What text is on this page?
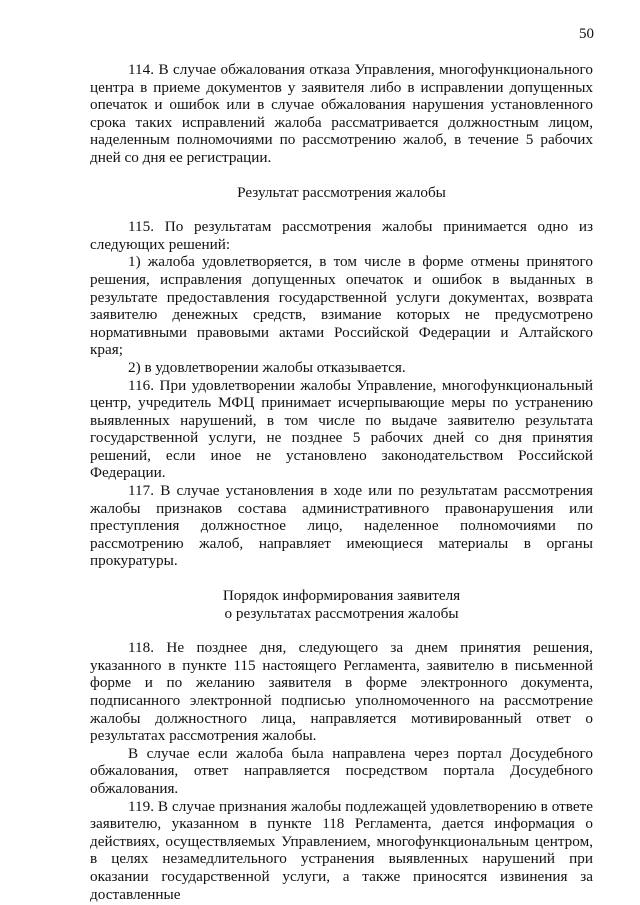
50

114. В случае обжалования отказа Управления, многофункционального центра в приеме документов у заявителя либо в исправлении допущенных опечаток и ошибок или в случае обжалования нарушения установленного срока таких исправлений жалоба рассматривается должностным лицом, наделенным полномочиями по рассмотрению жалоб, в течение 5 рабочих дней со дня ее регистрации.

Результат рассмотрения жалобы

115. По результатам рассмотрения жалобы принимается одно из следующих решений:

1) жалоба удовлетворяется, в том числе в форме отмены принятого решения, исправления допущенных опечаток и ошибок в выданных в результате предоставления государственной услуги документах, возврата заявителю денежных средств, взимание которых не предусмотрено нормативными правовыми актами Российской Федерации и Алтайского края;

2) в удовлетворении жалобы отказывается.

116. При удовлетворении жалобы Управление, многофункциональный центр, учредитель МФЦ принимает исчерпывающие меры по устранению выявленных нарушений, в том числе по выдаче заявителю результата государственной услуги, не позднее 5 рабочих дней со дня принятия решений, если иное не установлено законодательством Российской Федерации.

117. В случае установления в ходе или по результатам рассмотрения жалобы признаков состава административного правонарушения или преступления должностное лицо, наделенное полномочиями по рассмотрению жалоб, направляет имеющиеся материалы в органы прокуратуры.

Порядок информирования заявителя
о результатах рассмотрения жалобы

118. Не позднее дня, следующего за днем принятия решения, указанного в пункте 115 настоящего Регламента, заявителю в письменной форме и по желанию заявителя в форме электронного документа, подписанного электронной подписью уполномоченного на рассмотрение жалобы должностного лица, направляется мотивированный ответ о результатах рассмотрения жалобы.

В случае если жалоба была направлена через портал Досудебного обжалования, ответ направляется посредством портала Досудебного обжалования.

119. В случае признания жалобы подлежащей удовлетворению в ответе заявителю, указанном в пункте 118 Регламента, дается информация о действиях, осуществляемых Управлением, многофункциональным центром, в целях незамедлительного устранения выявленных нарушений при оказании государственной услуги, а также приносятся извинения за доставленные
